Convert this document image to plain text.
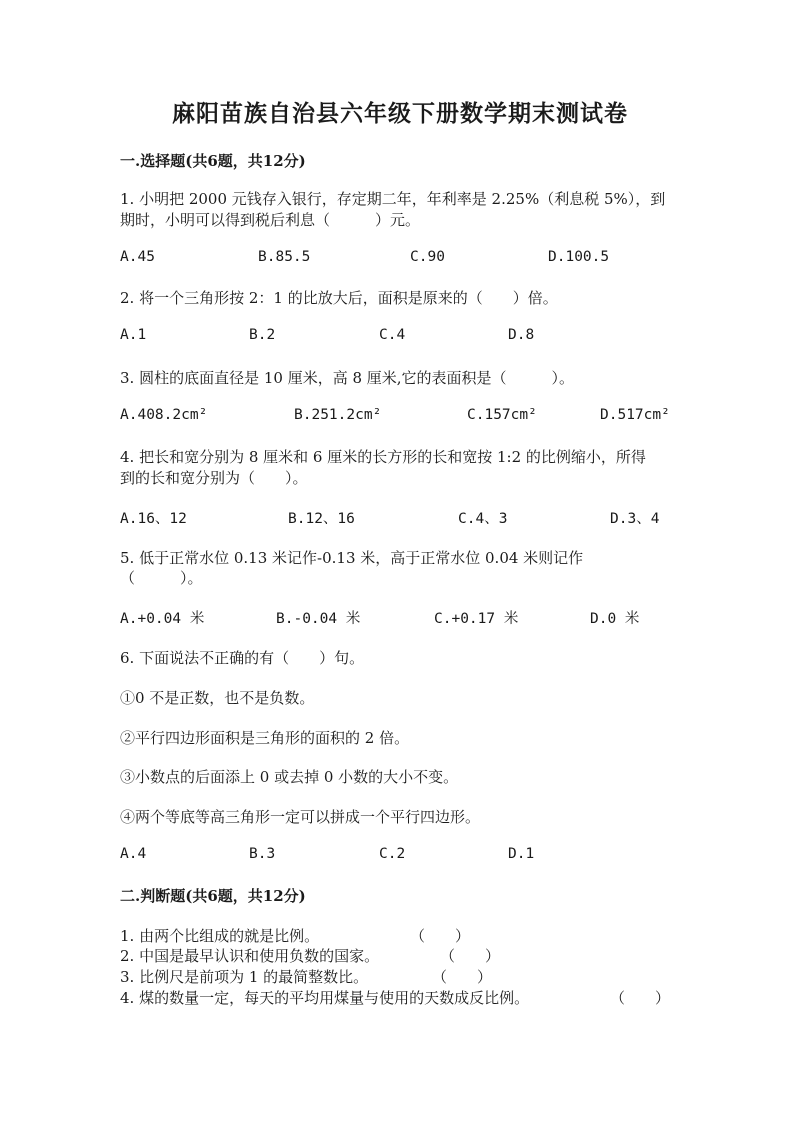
麻阳苗族自治县六年级下册数学期末测试卷
一.选择题(共6题，共12分)
1. 小明把 2000 元钱存入银行，存定期二年，年利率是 2.25%（利息税 5%），到
期时，小明可以得到税后利息（　　　）元。
A.45	B.85.5	C.90	D.100.5
2. 将一个三角形按 2：1 的比放大后，面积是原来的（　　）倍。
A.1	B.2	C.4	D.8
3. 圆柱的底面直径是 10 厘米，高 8 厘米,它的表面积是（　　　）。
A.408.2cm²	B.251.2cm²	C.157cm²	D.517cm²
4. 把长和宽分别为 8 厘米和 6 厘米的长方形的长和宽按 1:2 的比例缩小，所得
到的长和宽分别为（　　）。
A.16、12	B.12、16	C.4、3	D.3、4
5. 低于正常水位 0.13 米记作-0.13 米，高于正常水位 0.04 米则记作
（　　　）。
A.+0.04 米	B.-0.04 米	C.+0.17 米	D.0 米
6. 下面说法不正确的有（　　）句。
①0 不是正数，也不是负数。
②平行四边形面积是三角形的面积的 2 倍。
③小数点的后面添上 0 或去掉 0 小数的大小不变。
④两个等底等高三角形一定可以拼成一个平行四边形。
A.4	B.3	C.2	D.1
二.判断题(共6题，共12分)
1. 由两个比组成的就是比例。	（　　）
2. 中国是最早认识和使用负数的国家。	（　　）
3. 比例尺是前项为 1 的最简整数比。	（　　）
4. 煤的数量一定，每天的平均用煤量与使用的天数成反比例。	（　　）
